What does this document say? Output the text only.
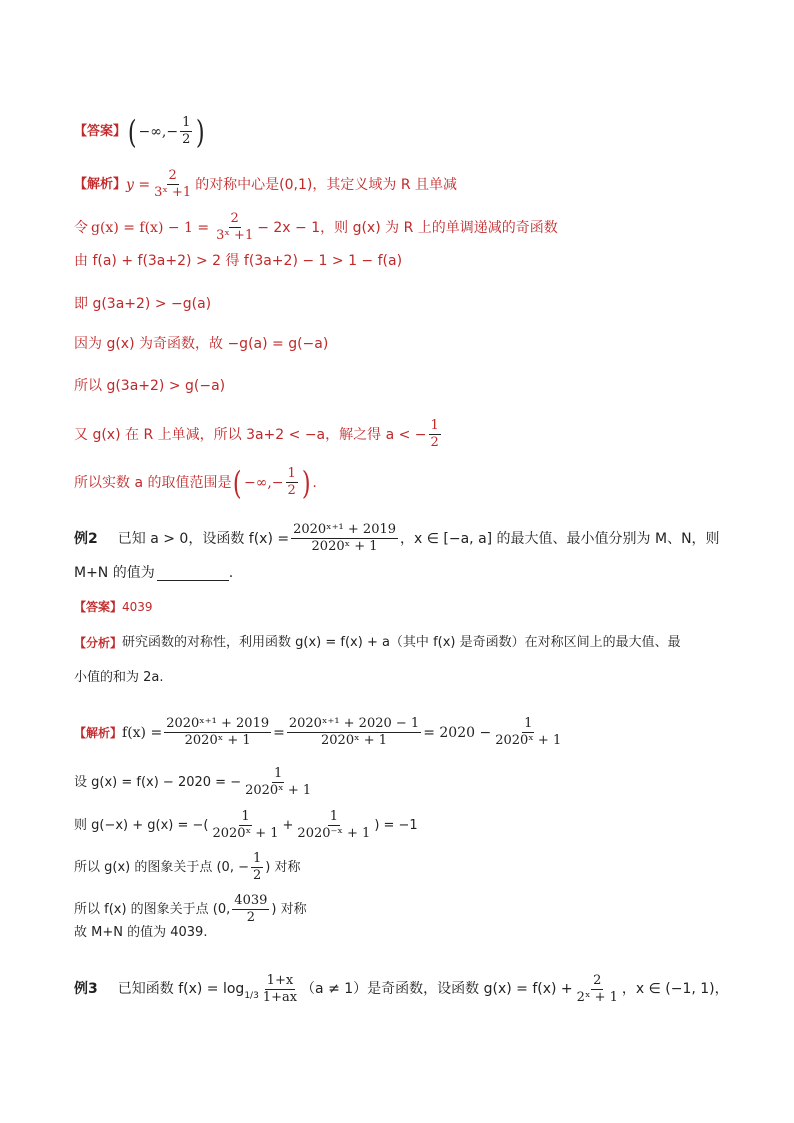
【答案】 ( −∞,− $\frac{1}{2}$ )
【解析】 $y = \frac{2}{\text{3ˣ +1}}$ 的对称中心是(0,1)，其定义域为 R 且单减
令 $g(x) = f(x) - 1 = \frac{2}{\text{3ˣ +1}} - 2x - 1$，则 g(x) 为 R 上的单调递减的奇函数
由 f(a) + f(3a+2) > 2 得 f(3a+2) − 1 > 1 − f(a)
即 g(3a+2) > −g(a)
因为 g(x) 为奇函数，故 −g(a) = g(−a)
所以 g(3a+2) > g(−a)
又 g(x) 在 R 上单减，所以 3a+2 < −a，解之得 a < − $\frac{1}{2}$
所以实数 a 的取值范围是 ( −∞,− $\frac{1}{2}$ ) .
例2 已知 a > 0，设函数 $f(x) = \frac{\text{2020ˣ⁺¹ + 2019}}{\text{2020ˣ + 1}}$ ，x ∈ [−a, a] 的最大值、最小值分别为 M、N，则
M+N 的值为	.
【答案】 4039
【分析】 研究函数的对称性，利用函数 g(x) = f(x) + a（其中 f(x) 是奇函数）在对称区间上的最大值、最
小值的和为 2a.
【解析】 $f(x) = \frac{\text{2020ˣ⁺¹ + 2019}}{\text{2020ˣ + 1}} = \frac{\text{2020ˣ⁺¹ + 2020 − 1}}{\text{2020ˣ + 1}} = 2020 - \frac{1}{\text{2020ˣ + 1}}$
设 g(x) = f(x) − 2020 = − $\frac{1}{\text{2020ˣ + 1}}$
则 g(−x) + g(x) = −( $\frac{1}{\text{2020ˣ + 1}} + \frac{1}{\text{2020⁻ˣ + 1}}$ ) = −1
所以 g(x) 的图象关于点 (0, − $\frac{1}{2}$ ) 对称
所以 f(x) 的图象关于点 (0, $\frac{4039}{2}$ ) 对称
故 M+N 的值为 4039.
例3 已知函数 $f(x) = \log_{1/3} \frac{1+x}{1+ax} (a \ne 1)$是奇函数，设函数 $g(x) = f(x) + \frac{2}{\text{2ˣ + 1}}$ ，x ∈ (−1, 1)，
